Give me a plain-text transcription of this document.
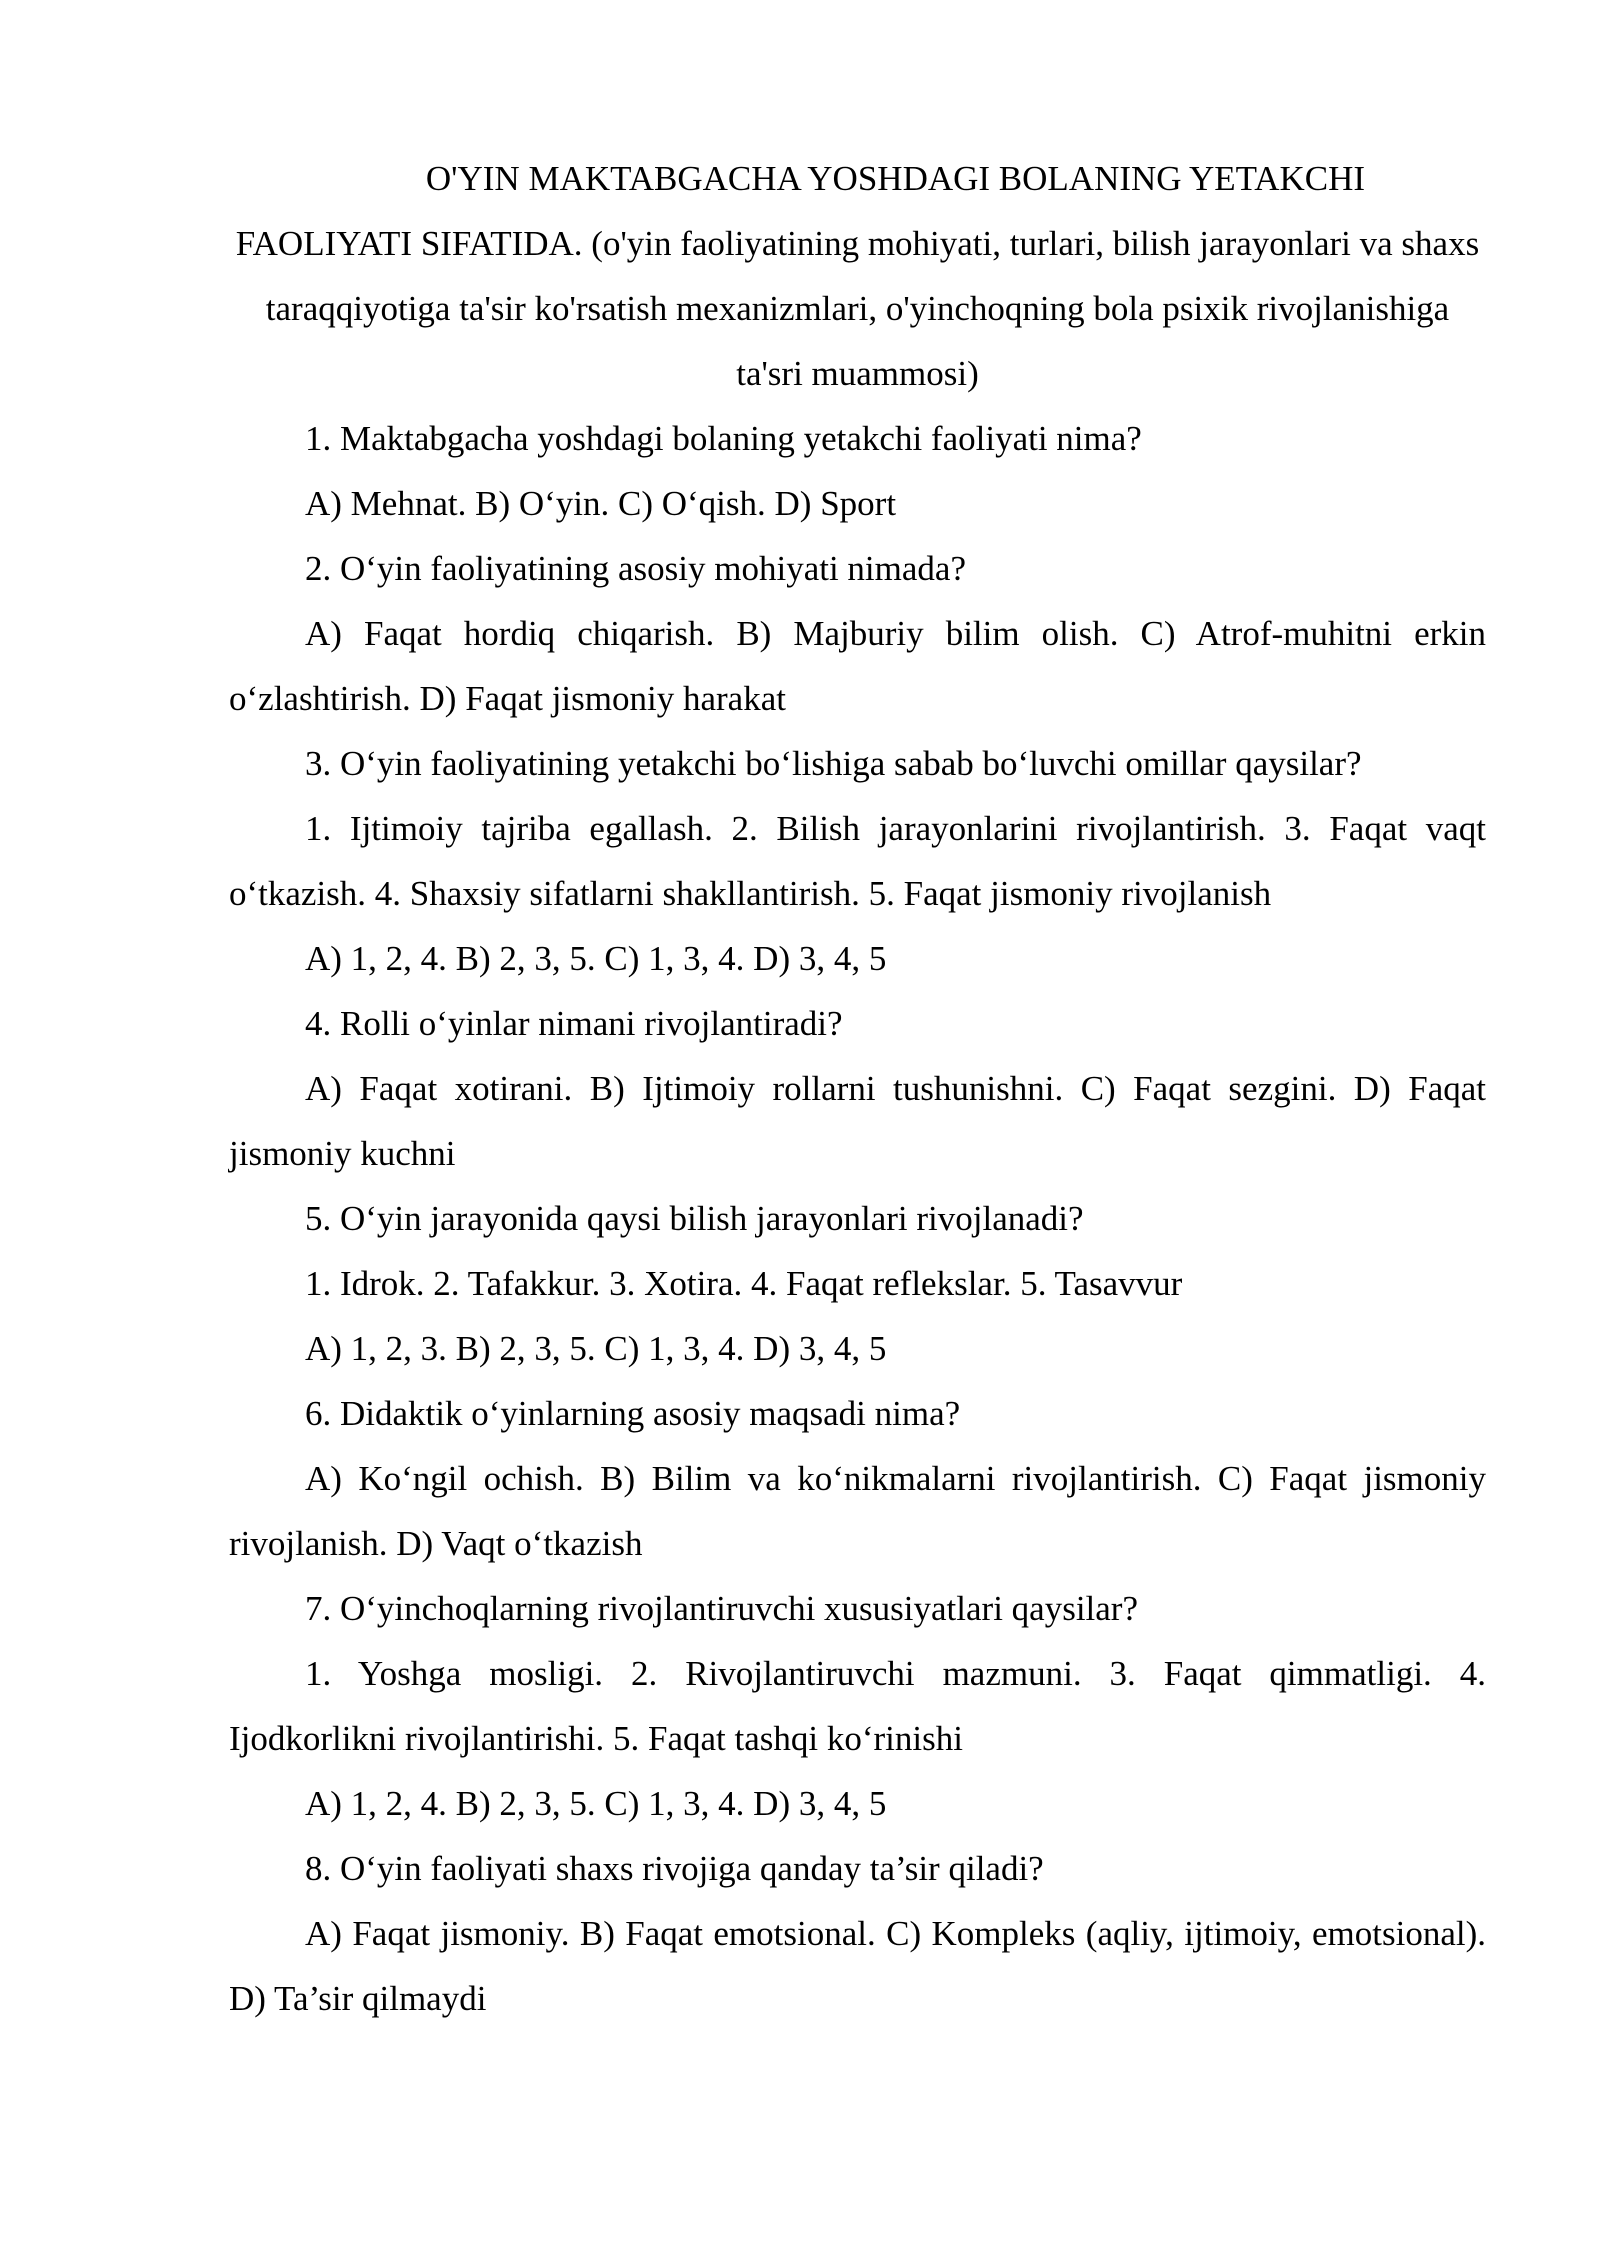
O'YIN MAKTABGACHA YOSHDAGI BOLANING YETAKCHI

FAOLIYATI SIFATIDA. (o'yin faoliyatining mohiyati, turlari, bilish jarayonlari va shaxs taraqqiyotiga ta'sir ko'rsatish mexanizmlari, o'yinchoqning bola psixik rivojlanishiga ta'sri muammosi)

1. Maktabgacha yoshdagi bolaning yetakchi faoliyati nima?

A) Mehnat. B) O‘yin. C) O‘qish. D) Sport

2. O‘yin faoliyatining asosiy mohiyati nimada?

A) Faqat hordiq chiqarish. B) Majburiy bilim olish. C) Atrof-muhitni erkin o‘zlashtirish. D) Faqat jismoniy harakat

3. O‘yin faoliyatining yetakchi bo‘lishiga sabab bo‘luvchi omillar qaysilar?

1. Ijtimoiy tajriba egallash. 2. Bilish jarayonlarini rivojlantirish. 3. Faqat vaqt o‘tkazish. 4. Shaxsiy sifatlarni shakllantirish. 5. Faqat jismoniy rivojlanish

A) 1, 2, 4. B) 2, 3, 5. C) 1, 3, 4. D) 3, 4, 5

4. Rolli o‘yinlar nimani rivojlantiradi?

A) Faqat xotirani. B) Ijtimoiy rollarni tushunishni. C) Faqat sezgini. D) Faqat jismoniy kuchni

5. O‘yin jarayonida qaysi bilish jarayonlari rivojlanadi?

1. Idrok. 2. Tafakkur. 3. Xotira. 4. Faqat reflekslar. 5. Tasavvur

A) 1, 2, 3. B) 2, 3, 5. C) 1, 3, 4. D) 3, 4, 5

6. Didaktik o‘yinlarning asosiy maqsadi nima?

A) Ko‘ngil ochish. B) Bilim va ko‘nikmalarni rivojlantirish. C) Faqat jismoniy rivojlanish. D) Vaqt o‘tkazish

7. O‘yinchoqlarning rivojlantiruvchi xususiyatlari qaysilar?

1. Yoshga mosligi. 2. Rivojlantiruvchi mazmuni. 3. Faqat qimmatligi. 4. Ijodkorlikni rivojlantirishi. 5. Faqat tashqi ko‘rinishi

A) 1, 2, 4. B) 2, 3, 5. C) 1, 3, 4. D) 3, 4, 5

8. O‘yin faoliyati shaxs rivojiga qanday ta’sir qiladi?

A) Faqat jismoniy. B) Faqat emotsional. C) Kompleks (aqliy, ijtimoiy, emotsional). D) Ta’sir qilmaydi
